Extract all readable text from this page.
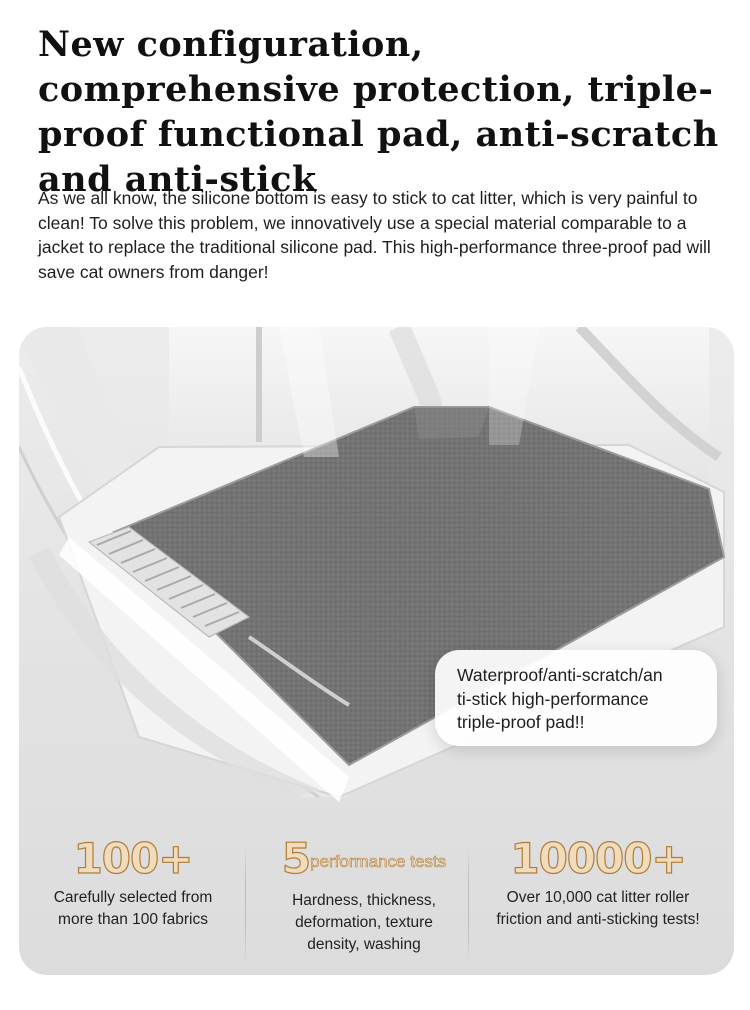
New configuration, comprehensive protection, triple-proof functional pad, anti-scratch and anti-stick

As we all know, the silicone bottom is easy to stick to cat litter, which is very painful to clean! To solve this problem, we innovatively use a special material comparable to a jacket to replace the traditional silicone pad. This high-performance three-proof pad will save cat owners from danger!

Waterproof/anti-scratch/an
ti-stick high-performance
triple-proof pad!!
100+
Carefully selected from
more than 100 fabrics
5performance tests
Hardness, thickness,
deformation, texture
density, washing
10000+
Over 10,000 cat litter roller
friction and anti-sticking tests!
